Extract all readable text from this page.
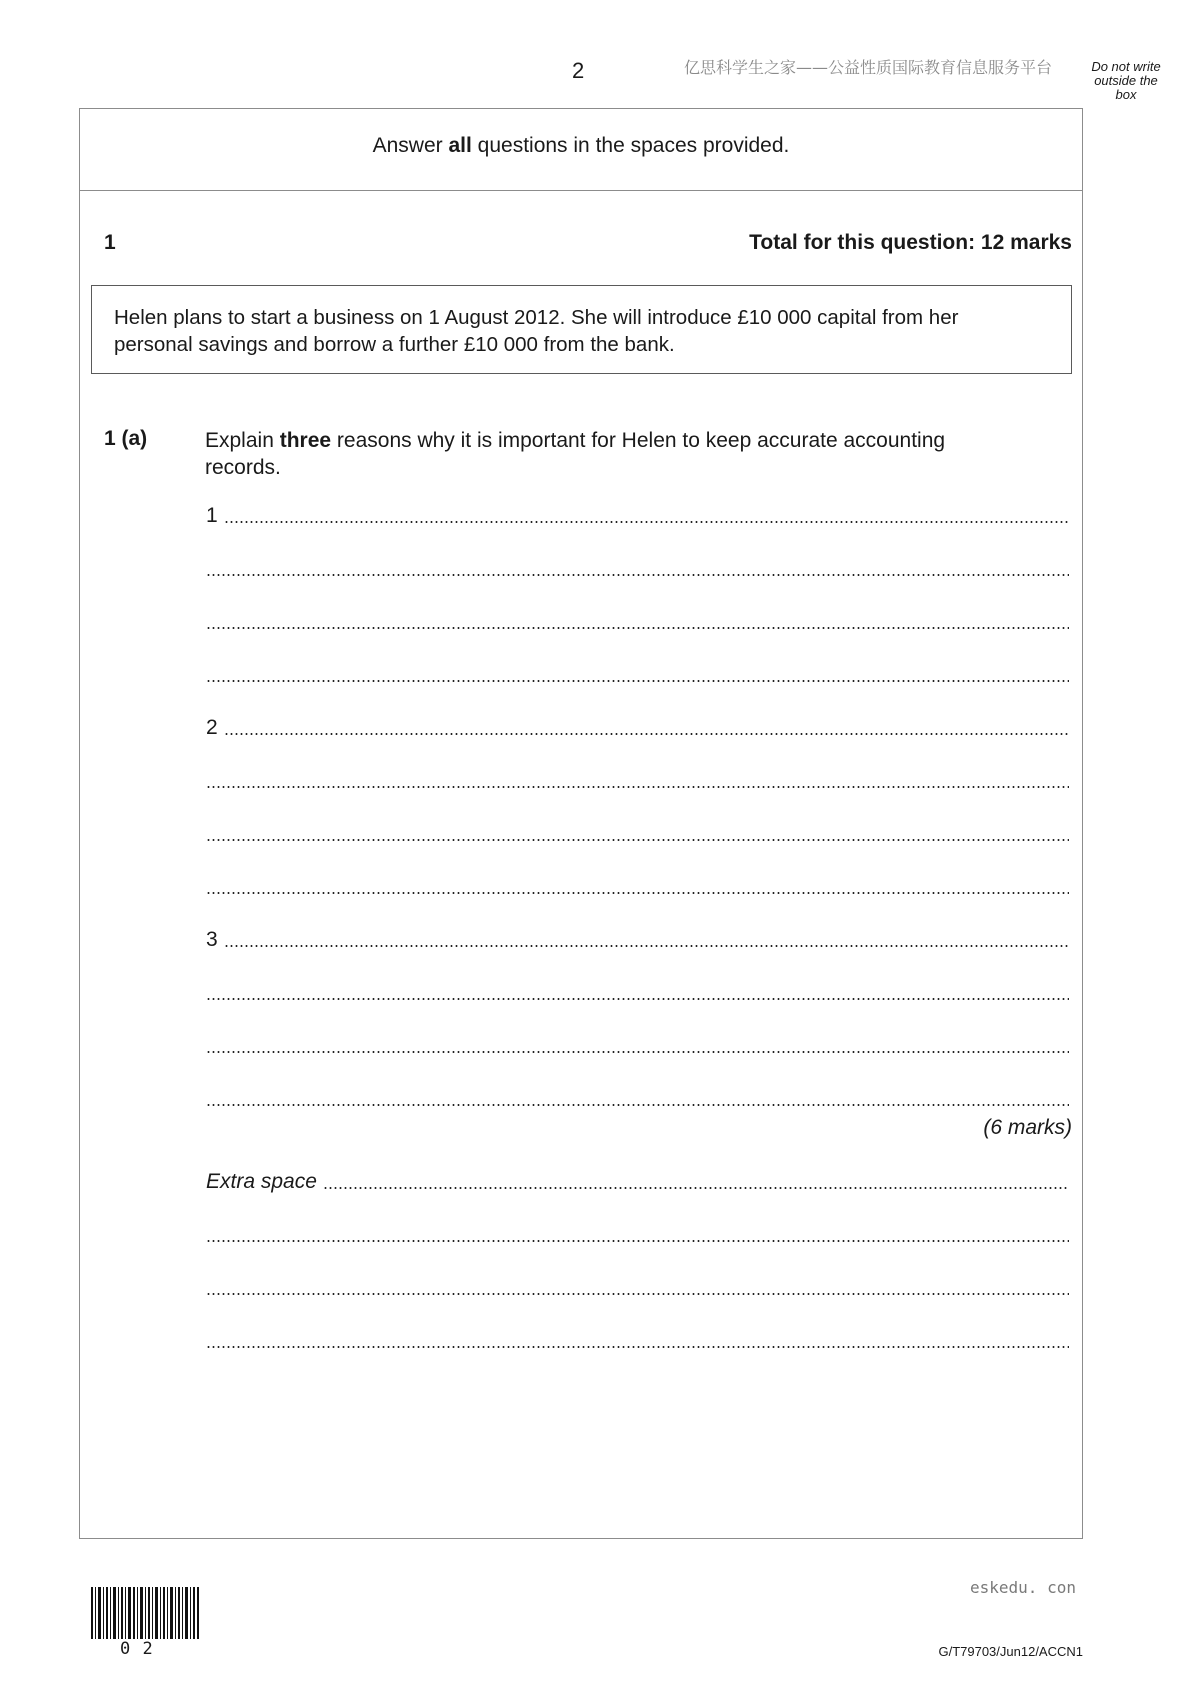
2	亿思科学生之家——公益性质国际教育信息服务平台	Do not write
outside the
box
Answer all questions in the spaces provided.
1	Total for this question: 12 marks
Helen plans to start a business on 1 August 2012. She will introduce £10 000 capital from her
personal savings and borrow a further £10 000 from the bank.
1 (a)	Explain three reasons why it is important for Helen to keep accurate accounting
records.
1
2
3
(6 marks)
Extra space
eskedu. con
0 2	G/T79703/Jun12/ACCN1
